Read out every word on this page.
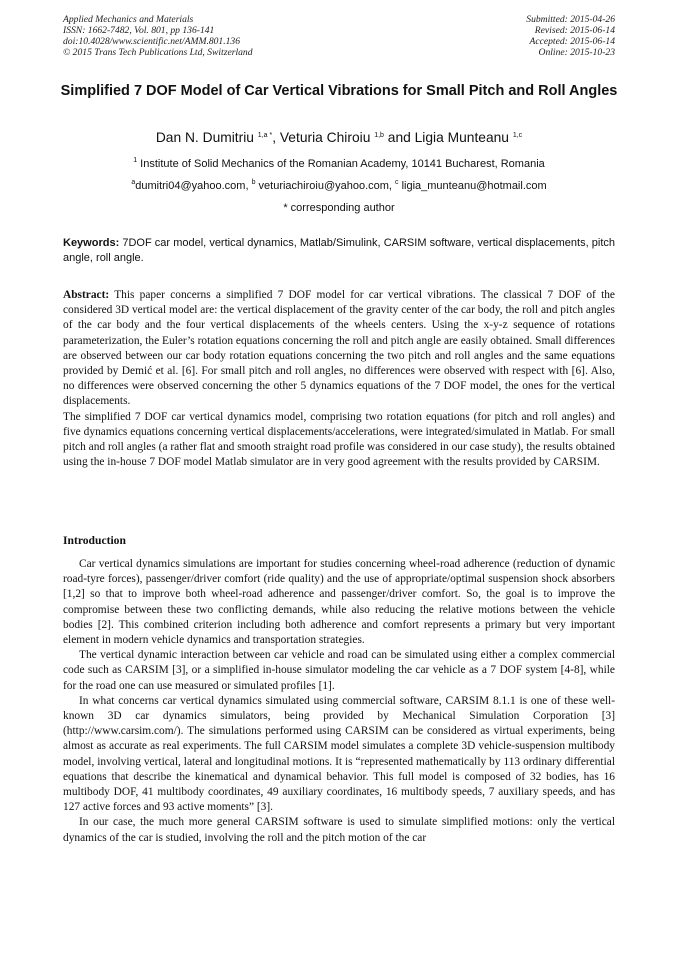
Applied Mechanics and Materials
ISSN: 1662-7482, Vol. 801, pp 136-141
doi:10.4028/www.scientific.net/AMM.801.136
© 2015 Trans Tech Publications Ltd, Switzerland
Submitted: 2015-04-26
Revised: 2015-06-14
Accepted: 2015-06-14
Online: 2015-10-23
Simplified 7 DOF Model of Car Vertical Vibrations for Small Pitch and Roll Angles
Dan N. Dumitriu $^{1,a *}$, Veturia Chiroiu $^{1,b}$ and Ligia Munteanu $^{1,c}$
$^1$ Institute of Solid Mechanics of the Romanian Academy, 10141 Bucharest, Romania
$^a$dumitri04@yahoo.com, $^b$ veturiachiroiu@yahoo.com, $^c$ ligia_munteanu@hotmail.com
* corresponding author
Keywords: 7DOF car model, vertical dynamics, Matlab/Simulink, CARSIM software, vertical displacements, pitch angle, roll angle.

Abstract: This paper concerns a simplified 7 DOF model for car vertical vibrations. The classical 7 DOF of the considered 3D vertical model are: the vertical displacement of the gravity center of the car body, the roll and pitch angles of the car body and the four vertical displacements of the wheels centers. Using the x-y-z sequence of rotations parameterization, the Euler’s rotation equations concerning the roll and pitch angle are easily obtained. Small differences are observed between our car body rotation equations concerning the two pitch and roll angles and the same equations provided by Demić et al. [6]. For small pitch and roll angles, no differences were observed with respect with [6]. Also, no differences were observed concerning the other 5 dynamics equations of the 7 DOF model, the ones for the vertical displacements.

The simplified 7 DOF car vertical dynamics model, comprising two rotation equations (for pitch and roll angles) and five dynamics equations concerning vertical displacements/accelerations, were integrated/simulated in Matlab. For small pitch and roll angles (a rather flat and smooth straight road profile was considered in our case study), the results obtained using the in-house 7 DOF model Matlab simulator are in very good agreement with the results provided by CARSIM.

Introduction

Car vertical dynamics simulations are important for studies concerning wheel-road adherence (reduction of dynamic road-tyre forces), passenger/driver comfort (ride quality) and the use of appropriate/optimal suspension shock absorbers [1,2] so that to improve both wheel-road adherence and passenger/driver comfort. So, the goal is to improve the compromise between these two conflicting demands, while also reducing the relative motions between the vehicle bodies [2]. This combined criterion including both adherence and comfort represents a primary but very important element in modern vehicle dynamics and transportation strategies.

The vertical dynamic interaction between car vehicle and road can be simulated using either a complex commercial code such as CARSIM [3], or a simplified in-house simulator modeling the car vehicle as a 7 DOF system [4-8], while for the road one can use measured or simulated profiles [1].

In what concerns car vertical dynamics simulated using commercial software, CARSIM 8.1.1 is one of these well-known 3D car dynamics simulators, being provided by Mechanical Simulation Corporation [3] (http://www.carsim.com/). The simulations performed using CARSIM can be considered as virtual experiments, being almost as accurate as real experiments. The full CARSIM model simulates a complete 3D vehicle-suspension multibody model, involving vertical, lateral and longitudinal motions. It is “represented mathematically by 113 ordinary differential equations that describe the kinematical and dynamical behavior. This full model is composed of 32 bodies, has 16 multibody DOF, 41 multibody coordinates, 49 auxiliary coordinates, 16 multibody speeds, 7 auxiliary speeds, and has 127 active forces and 93 active moments” [3].

In our case, the much more general CARSIM software is used to simulate simplified motions: only the vertical dynamics of the car is studied, involving the roll and the pitch motion of the car
